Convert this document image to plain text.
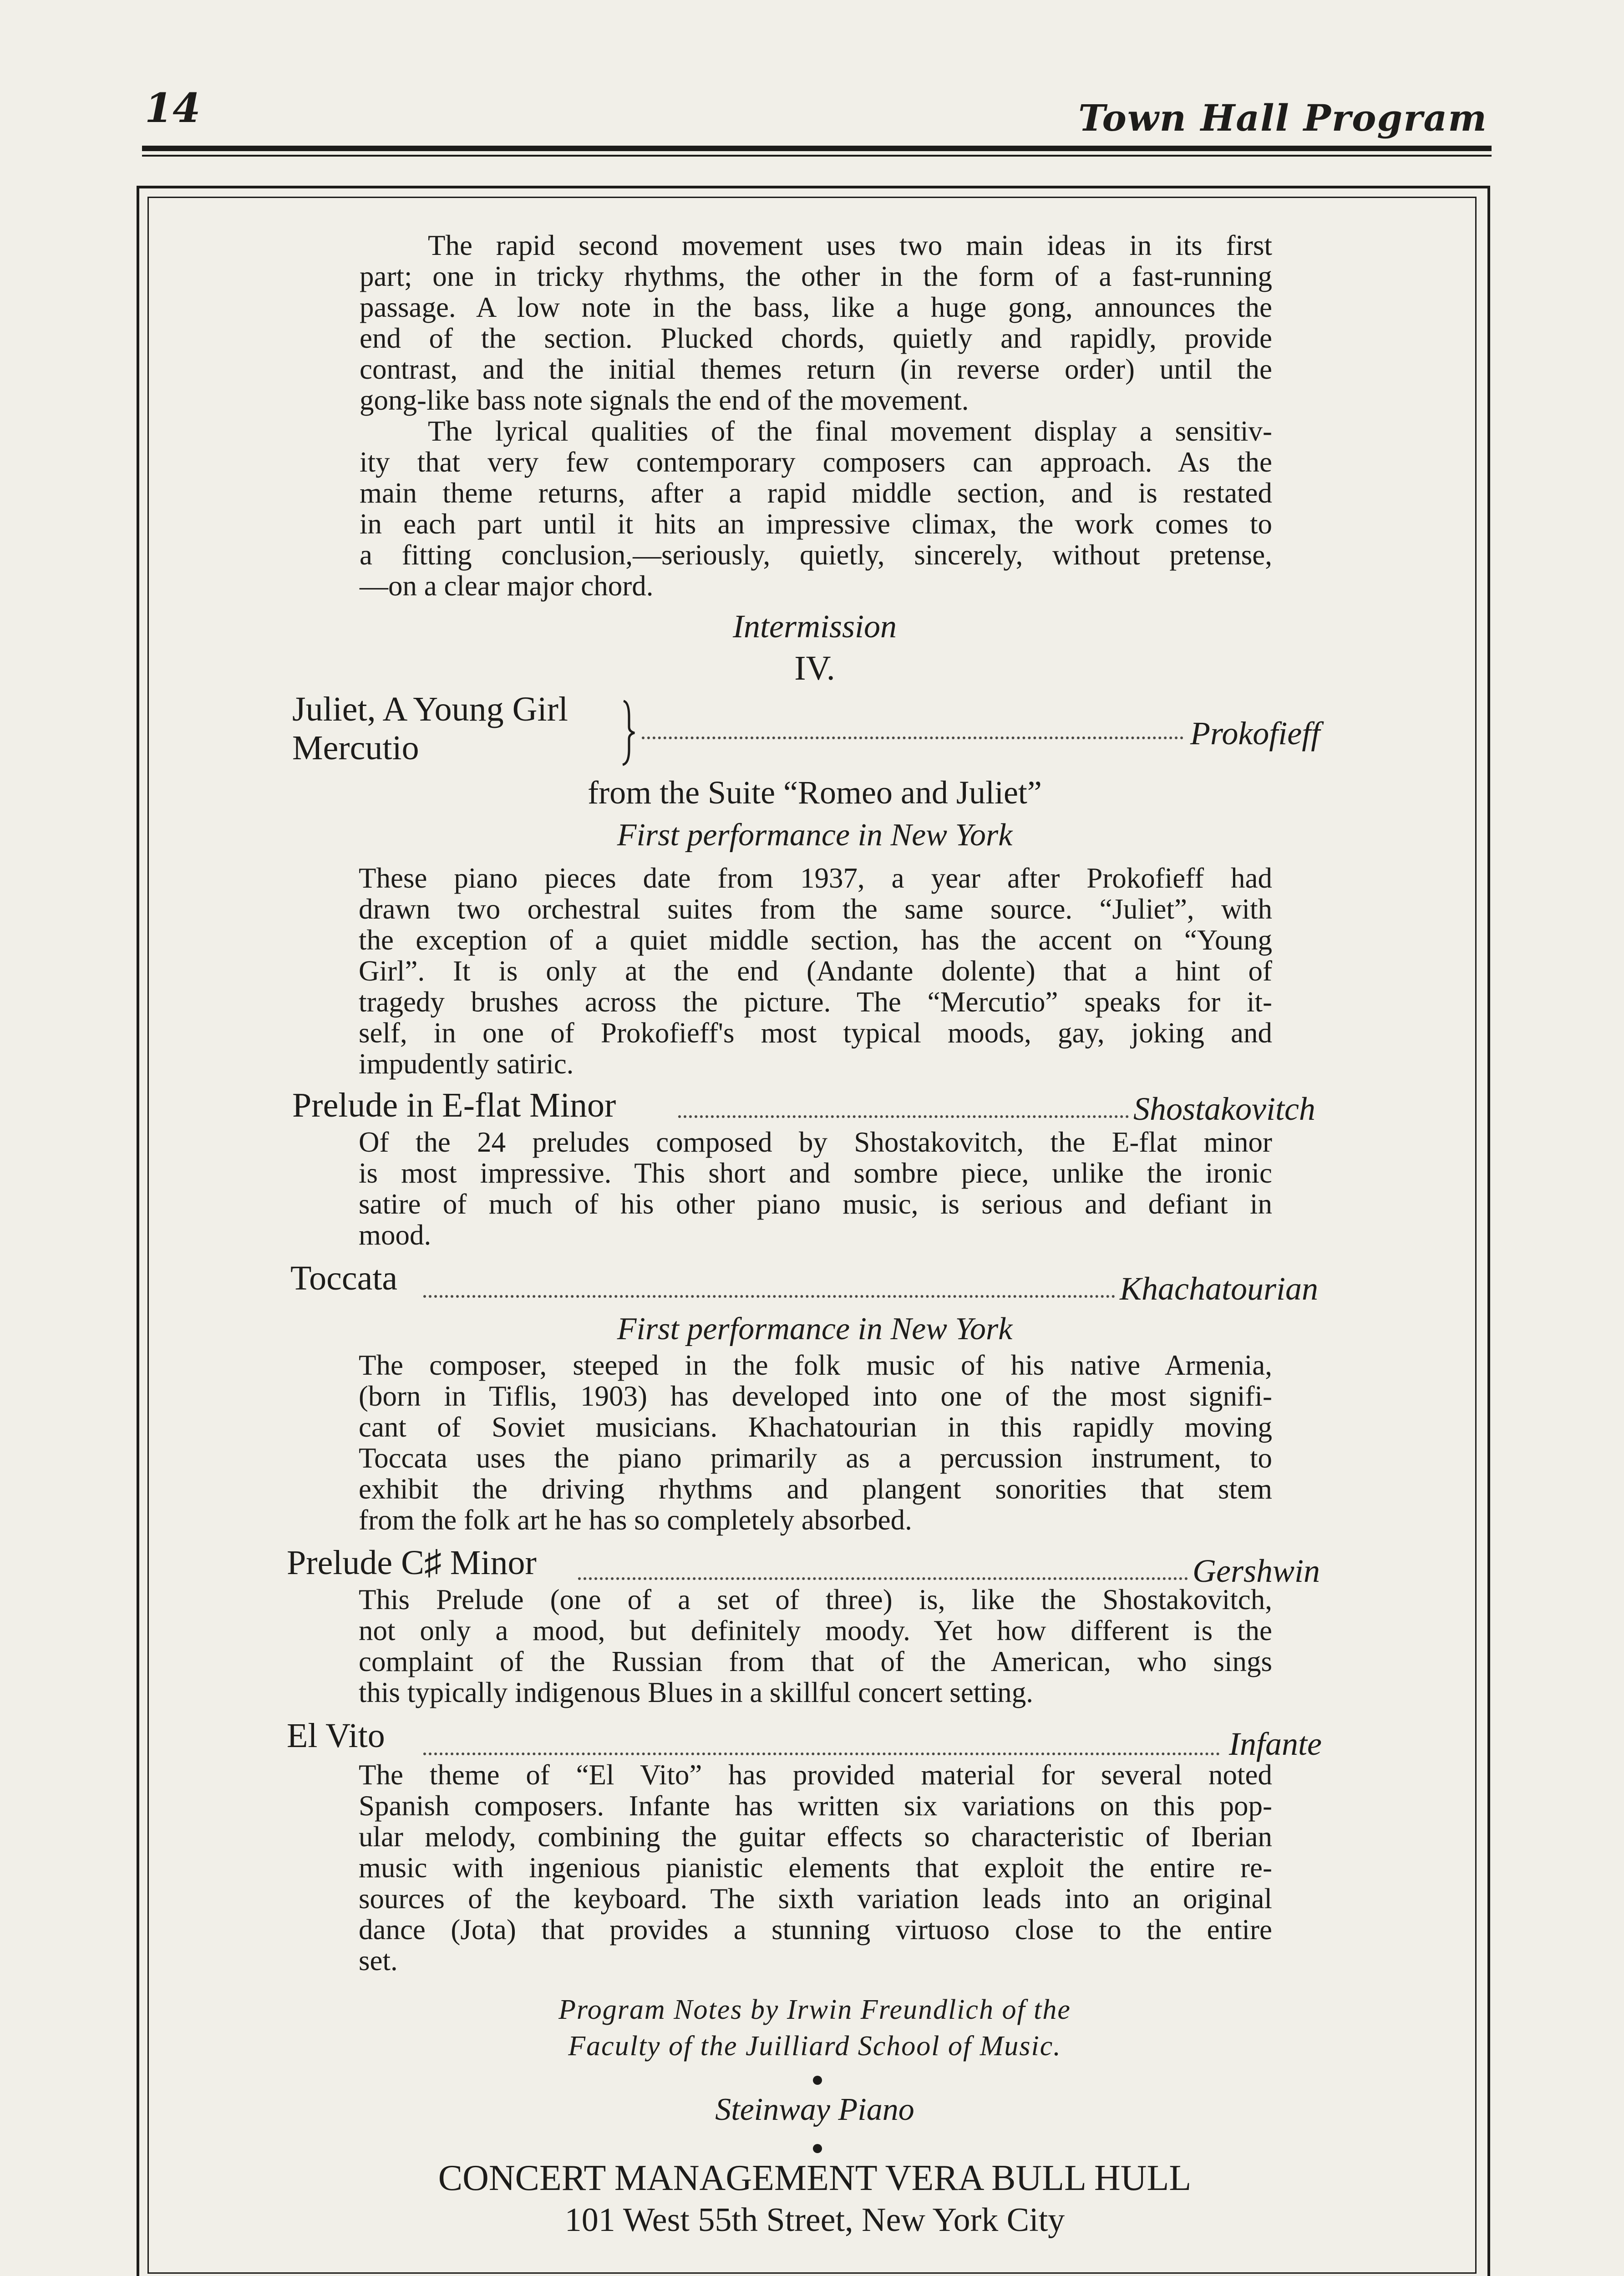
14	Town Hall Program
The rapid second movement uses two main ideas in its first
part; one in tricky rhythms, the other in the form of a fast-running
passage. A low note in the bass, like a huge gong, announces the
end of the section. Plucked chords, quietly and rapidly, provide
contrast, and the initial themes return (in reverse order) until the
gong-like bass note signals the end of the movement.
The lyrical qualities of the final movement display a sensitiv-
ity that very few contemporary composers can approach. As the
main theme returns, after a rapid middle section, and is restated
in each part until it hits an impressive climax, the work comes to
a fitting conclusion,—seriously, quietly, sincerely, without pretense,
—on a clear major chord.
Intermission
IV.
Juliet, A Young Girl
Mercutio	Prokofieff
from the Suite “Romeo and Juliet”
First performance in New York
These piano pieces date from 1937, a year after Prokofieff had
drawn two orchestral suites from the same source. “Juliet”, with
the exception of a quiet middle section, has the accent on “Young
Girl”. It is only at the end (Andante dolente) that a hint of
tragedy brushes across the picture. The “Mercutio” speaks for it-
self, in one of Prokofieff's most typical moods, gay, joking and
impudently satiric.
Prelude in E-flat Minor	Shostakovitch
Of the 24 preludes composed by Shostakovitch, the E-flat minor
is most impressive. This short and sombre piece, unlike the ironic
satire of much of his other piano music, is serious and defiant in
mood.
Toccata	Khachatourian
First performance in New York
The composer, steeped in the folk music of his native Armenia,
(born in Tiflis, 1903) has developed into one of the most signifi-
cant of Soviet musicians. Khachatourian in this rapidly moving
Toccata uses the piano primarily as a percussion instrument, to
exhibit the driving rhythms and plangent sonorities that stem
from the folk art he has so completely absorbed.
Prelude C♯ Minor	Gershwin
This Prelude (one of a set of three) is, like the Shostakovitch,
not only a mood, but definitely moody. Yet how different is the
complaint of the Russian from that of the American, who sings
this typically indigenous Blues in a skillful concert setting.
El Vito	Infante
The theme of “El Vito” has provided material for several noted
Spanish composers. Infante has written six variations on this pop-
ular melody, combining the guitar effects so characteristic of Iberian
music with ingenious pianistic elements that exploit the entire re-
sources of the keyboard. The sixth variation leads into an original
dance (Jota) that provides a stunning virtuoso close to the entire
set.
Program Notes by Irwin Freundlich of the
Faculty of the Juilliard School of Music.
Steinway Piano
CONCERT MANAGEMENT VERA BULL HULL
101 West 55th Street, New York City
